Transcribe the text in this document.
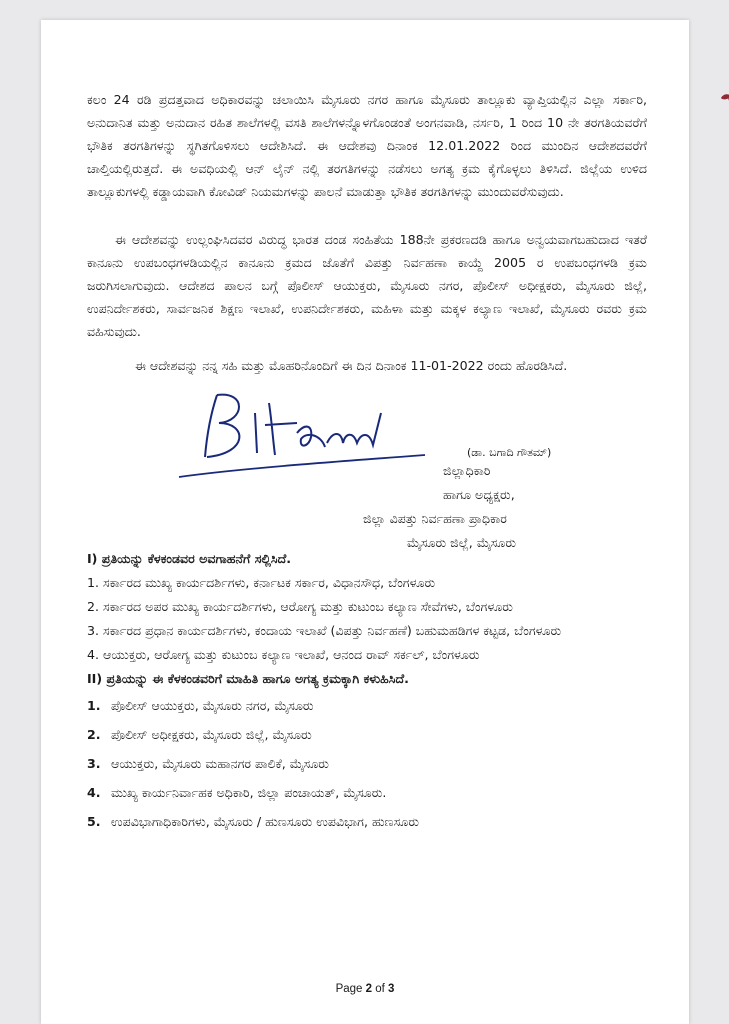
ಕಲಂ 24 ರಡಿ ಪ್ರದತ್ತವಾದ ಅಧಿಕಾರವನ್ನು ಚಲಾಯಿಸಿ ಮೈಸೂರು ನಗರ ಹಾಗೂ ಮೈಸೂರು ತಾಲ್ಲೂಕು ವ್ಯಾಪ್ತಿಯಲ್ಲಿನ ಎಲ್ಲಾ ಸರ್ಕಾರಿ, ಅನುದಾನಿತ ಮತ್ತು ಅನುದಾನ ರಹಿತ ಶಾಲೆಗಳಲ್ಲಿ ವಸತಿ ಶಾಲೆಗಳನ್ನೊಳಗೊಂಡಂತೆ ಅಂಗನವಾಡಿ, ನರ್ಸರಿ, 1 ರಿಂದ 10 ನೇ ತರಗತಿಯವರೆಗೆ ಭೌತಿಕ ತರಗತಿಗಳನ್ನು ಸ್ಥಗಿತಗೊಳಿಸಲು ಆದೇಶಿಸಿದೆ. ಈ ಆದೇಶವು ದಿನಾಂಕ 12.01.2022 ರಿಂದ ಮುಂದಿನ ಆದೇಶದವರೆಗೆ ಚಾಲ್ತಿಯಲ್ಲಿರುತ್ತದೆ. ಈ ಅವಧಿಯಲ್ಲಿ ಆನ್ ಲೈನ್ ನಲ್ಲಿ ತರಗತಿಗಳನ್ನು ನಡೆಸಲು ಅಗತ್ಯ ಕ್ರಮ ಕೈಗೊಳ್ಳಲು ತಿಳಿಸಿದೆ. ಜಿಲ್ಲೆಯ ಉಳಿದ ತಾಲ್ಲೂಕುಗಳಲ್ಲಿ ಕಡ್ಡಾಯವಾಗಿ ಕೋವಿಡ್ ನಿಯಮಗಳನ್ನು ಪಾಲನೆ ಮಾಡುತ್ತಾ ಭೌತಿಕ ತರಗತಿಗಳನ್ನು ಮುಂದುವರೆಸುವುದು.

ಈ ಆದೇಶವನ್ನು ಉಲ್ಲಂಘಿಸಿದವರ ವಿರುದ್ಧ ಭಾರತ ದಂಡ ಸಂಹಿತೆಯ 188ನೇ ಪ್ರಕರಣದಡಿ ಹಾಗೂ ಅನ್ವಯವಾಗಬಹುದಾದ ಇತರೆ ಕಾನೂನು ಉಪಬಂಧಗಳಡಿಯಲ್ಲಿನ ಕಾನೂನು ಕ್ರಮದ ಜೊತೆಗೆ ವಿಪತ್ತು ನಿರ್ವಹಣಾ ಕಾಯ್ದೆ 2005 ರ ಉಪಬಂಧಗಳಡಿ ಕ್ರಮ ಜರುಗಿಸಲಾಗುವುದು. ಆದೇಶದ ಪಾಲನ ಬಗ್ಗೆ ಪೊಲೀಸ್ ಆಯುಕ್ತರು, ಮೈಸೂರು ನಗರ, ಪೊಲೀಸ್ ಅಧೀಕ್ಷಕರು, ಮೈಸೂರು ಜಿಲ್ಲೆ, ಉಪನಿರ್ದೇಶಕರು, ಸಾರ್ವಜನಿಕ ಶಿಕ್ಷಣ ಇಲಾಖೆ, ಉಪನಿರ್ದೇಶಕರು, ಮಹಿಳಾ ಮತ್ತು ಮಕ್ಕಳ ಕಲ್ಯಾಣ ಇಲಾಖೆ, ಮೈಸೂರು ರವರು ಕ್ರಮ ವಹಿಸುವುದು.

ಈ ಆದೇಶವನ್ನು ನನ್ನ ಸಹಿ ಮತ್ತು ಮೊಹರಿನೊಂದಿಗೆ ಈ ದಿನ ದಿನಾಂಕ 11-01-2022 ರಂದು ಹೊರಡಿಸಿದೆ.

(ಡಾ. ಬಗಾದಿ ಗೌತಮ್)
ಜಿಲ್ಲಾಧಿಕಾರಿ
ಹಾಗೂ ಅಧ್ಯಕ್ಷರು,
ಜಿಲ್ಲಾ ವಿಪತ್ತು ನಿರ್ವಹಣಾ ಪ್ರಾಧಿಕಾರ
ಮೈಸೂರು ಜಿಲ್ಲೆ, ಮೈಸೂರು
I) ಪ್ರತಿಯನ್ನು ಕೆಳಕಂಡವರ ಅವಗಾಹನೆಗೆ ಸಲ್ಲಿಸಿದೆ.
1. ಸರ್ಕಾರದ ಮುಖ್ಯ ಕಾರ್ಯದರ್ಶಿಗಳು, ಕರ್ನಾಟಕ ಸರ್ಕಾರ, ವಿಧಾನಸೌಧ, ಬೆಂಗಳೂರು
2. ಸರ್ಕಾರದ ಅಪರ ಮುಖ್ಯ ಕಾರ್ಯದರ್ಶಿಗಳು, ಆರೋಗ್ಯ ಮತ್ತು ಕುಟುಂಬ ಕಲ್ಯಾಣ ಸೇವೆಗಳು, ಬೆಂಗಳೂರು
3. ಸರ್ಕಾರದ ಪ್ರಧಾನ ಕಾರ್ಯದರ್ಶಿಗಳು, ಕಂದಾಯ ಇಲಾಖೆ (ವಿಪತ್ತು ನಿರ್ವಹಣೆ) ಬಹುಮಹಡಿಗಳ ಕಟ್ಟಡ, ಬೆಂಗಳೂರು
4. ಆಯುಕ್ತರು, ಆರೋಗ್ಯ ಮತ್ತು ಕುಟುಂಬ ಕಲ್ಯಾಣ ಇಲಾಖೆ, ಆನಂದ ರಾವ್ ಸರ್ಕಲ್, ಬೆಂಗಳೂರು
II) ಪ್ರತಿಯನ್ನು ಈ ಕೆಳಕಂಡವರಿಗೆ ಮಾಹಿತಿ ಹಾಗೂ ಅಗತ್ಯ ಕ್ರಮಕ್ಕಾಗಿ ಕಳುಹಿಸಿದೆ.
1. ಪೊಲೀಸ್ ಆಯುಕ್ತರು, ಮೈಸೂರು ನಗರ, ಮೈಸೂರು
2. ಪೊಲೀಸ್ ಅಧೀಕ್ಷಕರು, ಮೈಸೂರು ಜಿಲ್ಲೆ, ಮೈಸೂರು
3. ಆಯುಕ್ತರು, ಮೈಸೂರು ಮಹಾನಗರ ಪಾಲಿಕೆ, ಮೈಸೂರು
4. ಮುಖ್ಯ ಕಾರ್ಯನಿರ್ವಾಹಕ ಅಧಿಕಾರಿ, ಜಿಲ್ಲಾ ಪಂಚಾಯತ್, ಮೈಸೂರು.
5. ಉಪವಿಭಾಗಾಧಿಕಾರಿಗಳು, ಮೈಸೂರು / ಹುಣಸೂರು ಉಪವಿಭಾಗ, ಹುಣಸೂರು
Page 2 of 3
